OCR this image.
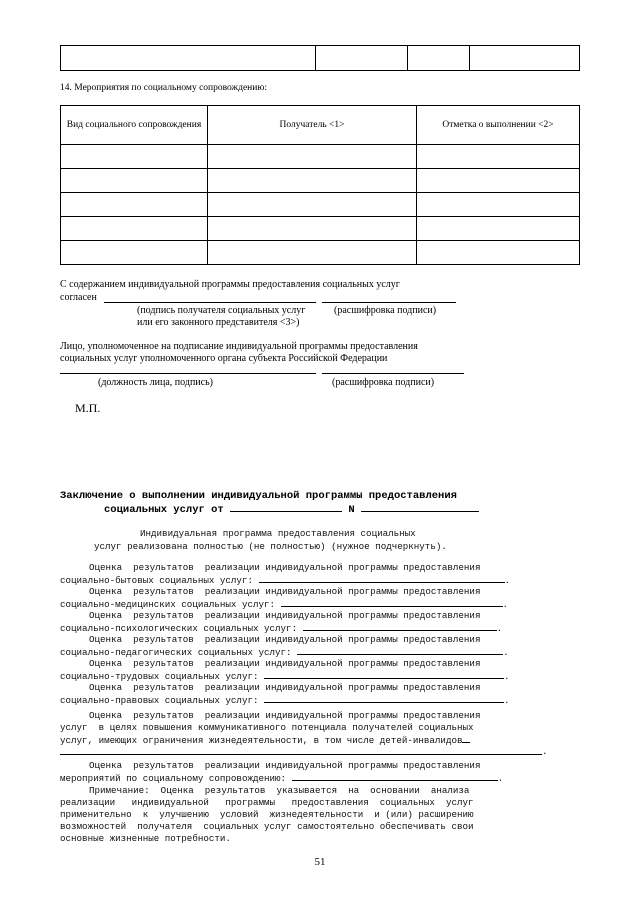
14. Мероприятия по социальному сопровождению:
Вид социального сопровождения	Получатель <1>	Отметка о выполнении <2>

С содержанием индивидуальной программы предоставления социальных услуг
согласен
(подпись получателя социальных услуг	(расшифровка подписи)
или его законного представителя <3>)
Лицо, уполномоченное на подписание индивидуальной программы предоставления
социальных услуг уполномоченного органа субъекта Российской Федерации
(должность лица, подпись)	(расшифровка подписи)
М.П.
Заключение о выполнении индивидуальной программы предоставления
социальных услуг от	N
Индивидуальная программа предоставления социальных
услуг реализована полностью (не полностью) (нужное подчеркнуть).
Оценка  результатов  реализации индивидуальной программы предоставления
социально-бытовых социальных услуг:	.
Оценка  результатов  реализации индивидуальной программы предоставления
социально-медицинских социальных услуг:	.
Оценка  результатов  реализации индивидуальной программы предоставления
социально-психологических социальных услуг:	.
Оценка  результатов  реализации индивидуальной программы предоставления
социально-педагогических социальных услуг:	.
Оценка  результатов  реализации индивидуальной программы предоставления
социально-трудовых социальных услуг:	.
Оценка  результатов  реализации индивидуальной программы предоставления
социально-правовых социальных услуг:	.
Оценка  результатов  реализации индивидуальной программы предоставления
услуг  в целях повышения коммуникативного потенциала получателей социальных
услуг, имеющих ограничения жизнедеятельности, в том числе детей-инвалидов
.
Оценка  результатов  реализации индивидуальной программы предоставления
мероприятий по социальному сопровождению:	.
Примечание:  Оценка  результатов  указывается  на  основании  анализа
реализации   индивидуальной   программы   предоставления  социальных  услуг
применительно  к  улучшению  условий  жизнедеятельности  и (или) расширению
возможностей  получателя  социальных услуг самостоятельно обеспечивать свои
основные жизненные потребности.
51
